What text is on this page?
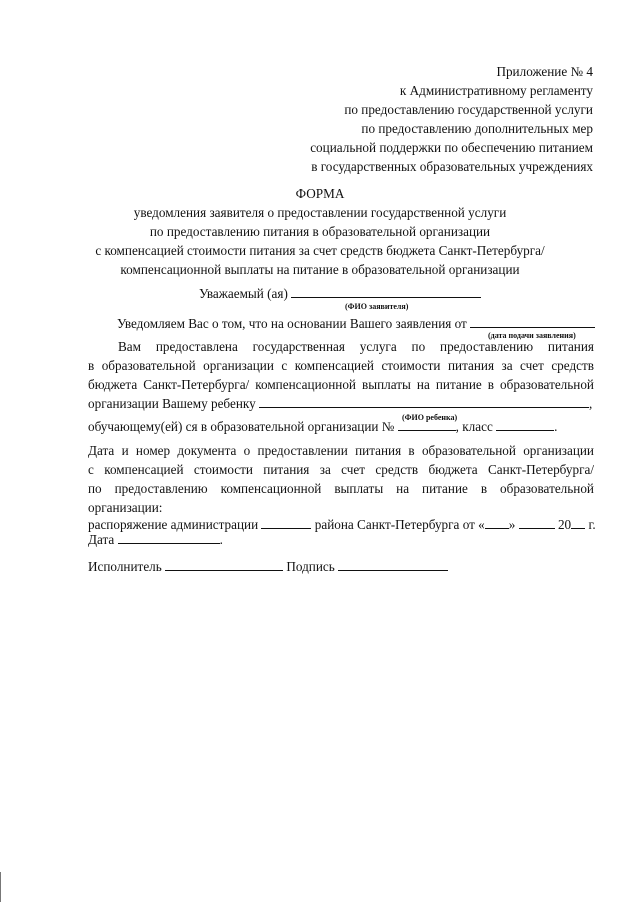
Приложение № 4
к Административному регламенту
по предоставлению государственной услуги
по предоставлению дополнительных мер
социальной поддержки по обеспечению питанием
в государственных образовательных учреждениях
ФОРМА
уведомления заявителя о предоставлении государственной услуги
по предоставлению питания в образовательной организации
с компенсацией стоимости питания за счет средств бюджета Санкт-Петербурга/
компенсационной выплаты на питание в образовательной организации
Уважаемый (ая)
(ФИО заявителя)
Уведомляем Вас о том, что на основании Вашего заявления от
(дата подачи заявления)
Вам предоставлена государственная услуга по предоставлению питания
в образовательной организации с компенсацией стоимости питания за счет средств
бюджета Санкт-Петербурга/ компенсационной выплаты на питание в образовательной
организации Вашему ребенку	,
(ФИО ребенка)
обучающему(ей) ся в образовательной организации №	, класс	.
Дата и номер документа о предоставлении питания в образовательной организации
с компенсацией стоимости питания за счет средств бюджета Санкт-Петербурга/
по предоставлению компенсационной выплаты на питание в образовательной
организации:
распоряжение администрации	района Санкт-Петербурга от « »	20 г.
Дата	.
Исполнитель	Подпись
